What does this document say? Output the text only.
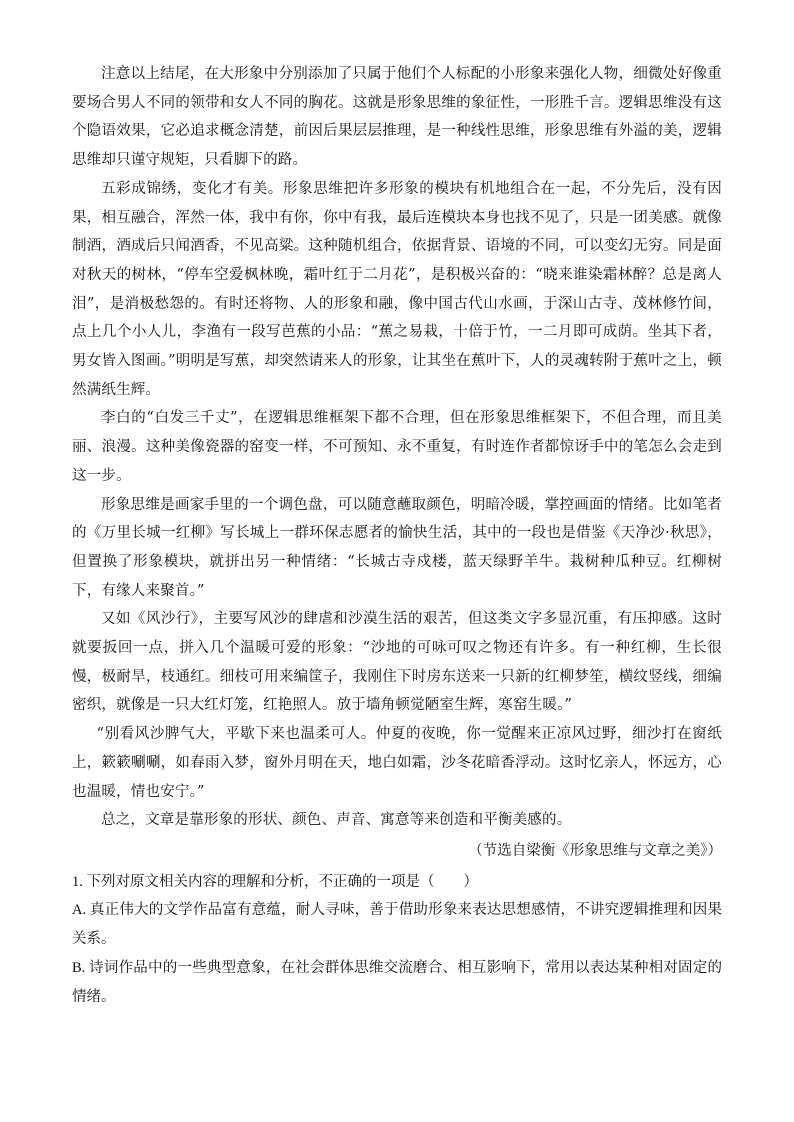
注意以上结尾，在大形象中分别添加了只属于他们个人标配的小形象来强化人物，细微处好像重要场合男人不同的领带和女人不同的胸花。这就是形象思维的象征性，一形胜千言。逻辑思维没有这个隐语效果，它必追求概念清楚，前因后果层层推理，是一种线性思维，形象思维有外溢的美，逻辑思维却只谨守规矩，只看脚下的路。

五彩成锦绣，变化才有美。形象思维把许多形象的模块有机地组合在一起，不分先后，没有因果，相互融合，浑然一体，我中有你，你中有我，最后连模块本身也找不见了，只是一团美感。就像制酒，酒成后只闻酒香，不见高粱。这种随机组合，依据背景、语境的不同，可以变幻无穷。同是面对秋天的树林，“停车空爱枫林晚，霜叶红于二月花”，是积极兴奋的：“晓来谁染霜林醉？总是离人泪”，是消极愁怨的。有时还将物、人的形象和融，像中国古代山水画，于深山古寺、茂林修竹间，点上几个小人儿，李渔有一段写芭蕉的小品：“蕉之易栽，十倍于竹，一二月即可成荫。坐其下者，男女皆入图画。”明明是写蕉，却突然请来人的形象，让其坐在蕉叶下，人的灵魂转附于蕉叶之上，顿然满纸生辉。

李白的“白发三千丈”，在逻辑思维框架下都不合理，但在形象思维框架下，不但合理，而且美丽、浪漫。这种美像瓷器的窑变一样，不可预知、永不重复，有时连作者都惊讶手中的笔怎么会走到这一步。

形象思维是画家手里的一个调色盘，可以随意蘸取颜色，明暗冷暖，掌控画面的情绪。比如笔者的《万里长城一红柳》写长城上一群环保志愿者的愉快生活，其中的一段也是借鉴《天净沙·秋思》，但置换了形象模块，就拼出另一种情绪：“长城古寺戍楼，蓝天绿野羊牛。栽树种瓜种豆。红柳树下，有缘人来聚首。”

又如《风沙行》，主要写风沙的肆虐和沙漠生活的艰苦，但这类文字多显沉重，有压抑感。这时就要扳回一点，拼入几个温暖可爱的形象：“沙地的可咏可叹之物还有许多。有一种红柳，生长很慢，极耐旱，枝通红。细枝可用来编筐子，我刚住下时房东送来一只新的红柳梦笙，横纹竖线，细编密织，就像是一只大红灯笼，红艳照人。放于墙角顿觉陋室生辉，寒窑生暖。”

“别看风沙脾气大，平歇下来也温柔可人。仲夏的夜晚，你一觉醒来正凉风过野，细沙打在窗纸上，簌簌唰唰，如春雨入梦，窗外月明在天，地白如霜，沙冬花暗香浮动。这时忆亲人，怀远方，心也温暖，情也安宁。”

总之，文章是靠形象的形状、颜色、声音、寓意等来创造和平衡美感的。

（节选自梁衡《形象思维与文章之美》）

1. 下列对原文相关内容的理解和分析，不正确的一项是（　　）

A. 真正伟大的文学作品富有意蕴，耐人寻味，善于借助形象来表达思想感情，不讲究逻辑推理和因果关系。

B. 诗词作品中的一些典型意象，在社会群体思维交流磨合、相互影响下，常用以表达某种相对固定的情绪。
